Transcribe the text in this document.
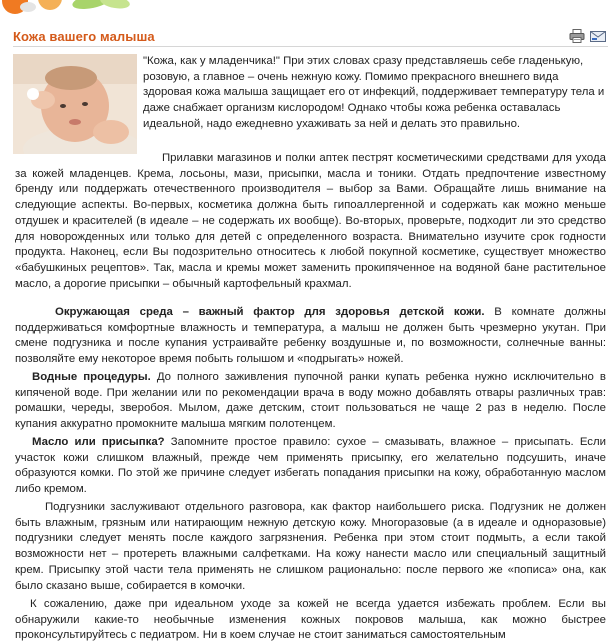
Кожа вашего малыша
"Кожа, как у младенчика!" При этих словах сразу представляешь себе гладенькую, розовую, а главное – очень нежную кожу. Помимо прекрасного внешнего вида здоровая кожа малыша защищает его от инфекций, поддерживает температуру тела и даже снабжает организм кислородом! Однако чтобы кожа ребенка оставалась идеальной, надо ежедневно ухаживать за ней и делать это правильно.
Прилавки магазинов и полки аптек пестрят косметическими средствами для ухода за кожей младенцев. Крема, лосьоны, мази, присыпки, масла и тоники. Отдать предпочтение известному бренду или поддержать отечественного производителя – выбор за Вами. Обращайте лишь внимание на следующие аспекты. Во-первых, косметика должна быть гипоаллергенной и содержать как можно меньше отдушек и красителей (в идеале – не содержать их вообще). Во-вторых, проверьте, подходит ли это средство для новорожденных или только для детей с определенного возраста. Внимательно изучите срок годности продукта. Наконец, если Вы подозрительно относитесь к любой покупной косметике, существует множество «бабушкиных рецептов». Так, масла и кремы может заменить прокипяченное на водяной бане растительное масло, а дорогие присыпки – обычный картофельный крахмал.
Окружающая среда – важный фактор для здоровья детской кожи. В комнате должны поддерживаться комфортные влажность и температура, а малыш не должен быть чрезмерно укутан. При смене подгузника и после купания устраивайте ребенку воздушные и, по возможности, солнечные ванны: позволяйте ему некоторое время побыть голышом и «подрыгать» ножей.
Водные процедуры. До полного заживления пупочной ранки купать ребенка нужно исключительно в кипяченой воде. При желании или по рекомендации врача в воду можно добавлять отвары различных трав: ромашки, череды, зверобоя. Мылом, даже детским, стоит пользоваться не чаще 2 раз в неделю. После купания аккуратно промокните малыша мягким полотенцем.
Масло или присыпка? Запомните простое правило: сухое – смазывать, влажное – присыпать. Если участок кожи слишком влажный, прежде чем применять присыпку, его желательно подсушить, иначе образуются комки. По этой же причине следует избегать попадания присыпки на кожу, обработанную маслом либо кремом.
Подгузники заслуживают отдельного разговора, как фактор наибольшего риска. Подгузник не должен быть влажным, грязным или натирающим нежную детскую кожу. Многоразовые (а в идеале и одноразовые) подгузники следует менять после каждого загрязнения. Ребенка при этом стоит подмыть, а если такой возможности нет – протереть влажными салфетками. На кожу нанести масло или специальный защитный крем. Присыпку этой части тела применять не слишком рационально: после первого же «пописа» она, как было сказано выше, собирается в комочки.
К сожалению, даже при идеальном уходе за кожей не всегда удается избежать проблем. Если вы обнаружили какие-то необычные изменения кожных покровов малыша, как можно быстрее проконсультируйтесь с педиатром. Ни в коем случае не стоит заниматься самостоятельным
